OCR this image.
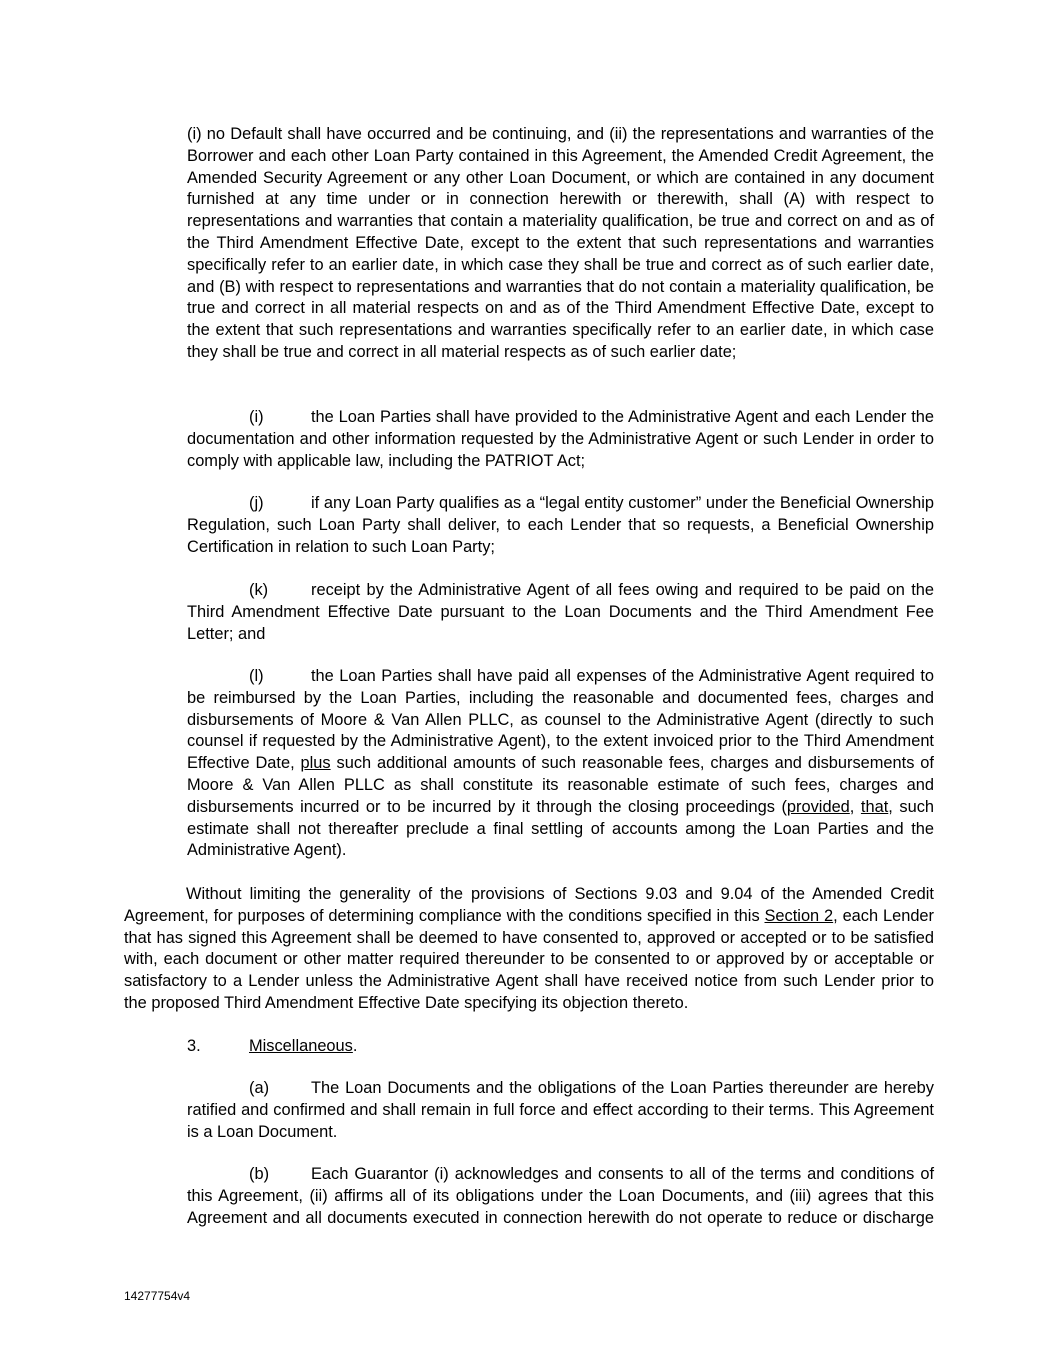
(i) no Default shall have occurred and be continuing, and (ii) the representations and warranties of the Borrower and each other Loan Party contained in this Agreement, the Amended Credit Agreement, the Amended Security Agreement or any other Loan Document, or which are contained in any document furnished at any time under or in connection herewith or therewith, shall (A) with respect to representations and warranties that contain a materiality qualification, be true and correct on and as of the Third Amendment Effective Date, except to the extent that such representations and warranties specifically refer to an earlier date, in which case they shall be true and correct as of such earlier date, and (B) with respect to representations and warranties that do not contain a materiality qualification, be true and correct in all material respects on and as of the Third Amendment Effective Date, except to the extent that such representations and warranties specifically refer to an earlier date, in which case they shall be true and correct in all material respects as of such earlier date;

(i)	the Loan Parties shall have provided to the Administrative Agent and each Lender the documentation and other information requested by the Administrative Agent or such Lender in order to comply with applicable law, including the PATRIOT Act;

(j)	if any Loan Party qualifies as a “legal entity customer” under the Beneficial Ownership Regulation, such Loan Party shall deliver, to each Lender that so requests, a Beneficial Ownership Certification in relation to such Loan Party;

(k)	receipt by the Administrative Agent of all fees owing and required to be paid on the Third Amendment Effective Date pursuant to the Loan Documents and the Third Amendment Fee Letter; and

(l)	the Loan Parties shall have paid all expenses of the Administrative Agent required to be reimbursed by the Loan Parties, including the reasonable and documented fees, charges and disbursements of Moore & Van Allen PLLC, as counsel to the Administrative Agent (directly to such counsel if requested by the Administrative Agent), to the extent invoiced prior to the Third Amendment Effective Date, plus such additional amounts of such reasonable fees, charges and disbursements of Moore & Van Allen PLLC as shall constitute its reasonable estimate of such fees, charges and disbursements incurred or to be incurred by it through the closing proceedings (provided, that, such estimate shall not thereafter preclude a final settling of accounts among the Loan Parties and the Administrative Agent).

Without limiting the generality of the provisions of Sections 9.03 and 9.04 of the Amended Credit Agreement, for purposes of determining compliance with the conditions specified in this Section 2, each Lender that has signed this Agreement shall be deemed to have consented to, approved or accepted or to be satisfied with, each document or other matter required thereunder to be consented to or approved by or acceptable or satisfactory to a Lender unless the Administrative Agent shall have received notice from such Lender prior to the proposed Third Amendment Effective Date specifying its objection thereto.

3.	Miscellaneous.

(a)	The Loan Documents and the obligations of the Loan Parties thereunder are hereby ratified and confirmed and shall remain in full force and effect according to their terms. This Agreement is a Loan Document.

(b)	Each Guarantor (i) acknowledges and consents to all of the terms and conditions of this Agreement, (ii) affirms all of its obligations under the Loan Documents, and (iii) agrees that this Agreement and all documents executed in connection herewith do not operate to reduce or discharge

14277754v4
